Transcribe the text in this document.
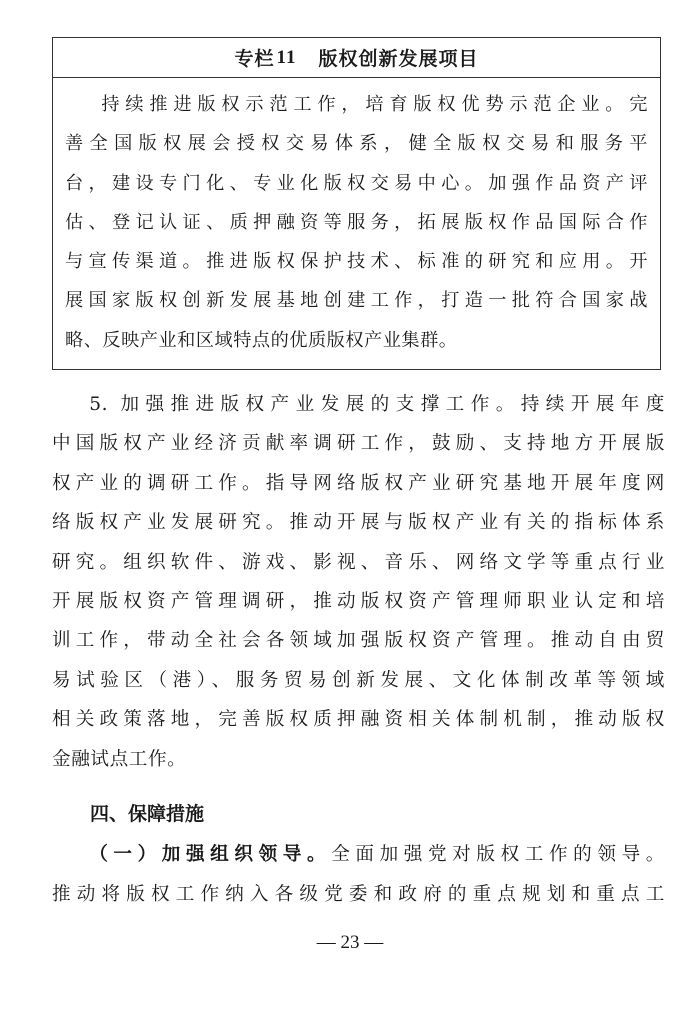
专栏 11 版权创新发展项目
持续推进版权示范工作，培育版权优势示范企业。完
善全国版权展会授权交易体系，健全版权交易和服务平
台，建设专门化、专业化版权交易中心。加强作品资产评
估、登记认证、质押融资等服务，拓展版权作品国际合作
与宣传渠道。推进版权保护技术、标准的研究和应用。开
展国家版权创新发展基地创建工作，打造一批符合国家战
略、反映产业和区域特点的优质版权产业集群。
5. 加强推进版权产业发展的支撑工作。持续开展年度
中国版权产业经济贡献率调研工作，鼓励、支持地方开展版
权产业的调研工作。指导网络版权产业研究基地开展年度网
络版权产业发展研究。推动开展与版权产业有关的指标体系
研究。组织软件、游戏、影视、音乐、网络文学等重点行业
开展版权资产管理调研，推动版权资产管理师职业认定和培
训工作，带动全社会各领域加强版权资产管理。推动自由贸
易试验区（港）、服务贸易创新发展、文化体制改革等领域
相关政策落地，完善版权质押融资相关体制机制，推动版权
金融试点工作。
四、保障措施
（一）加强组织领导。全面加强党对版权工作的领导。
推动将版权工作纳入各级党委和政府的重点规划和重点工
— 23 —
